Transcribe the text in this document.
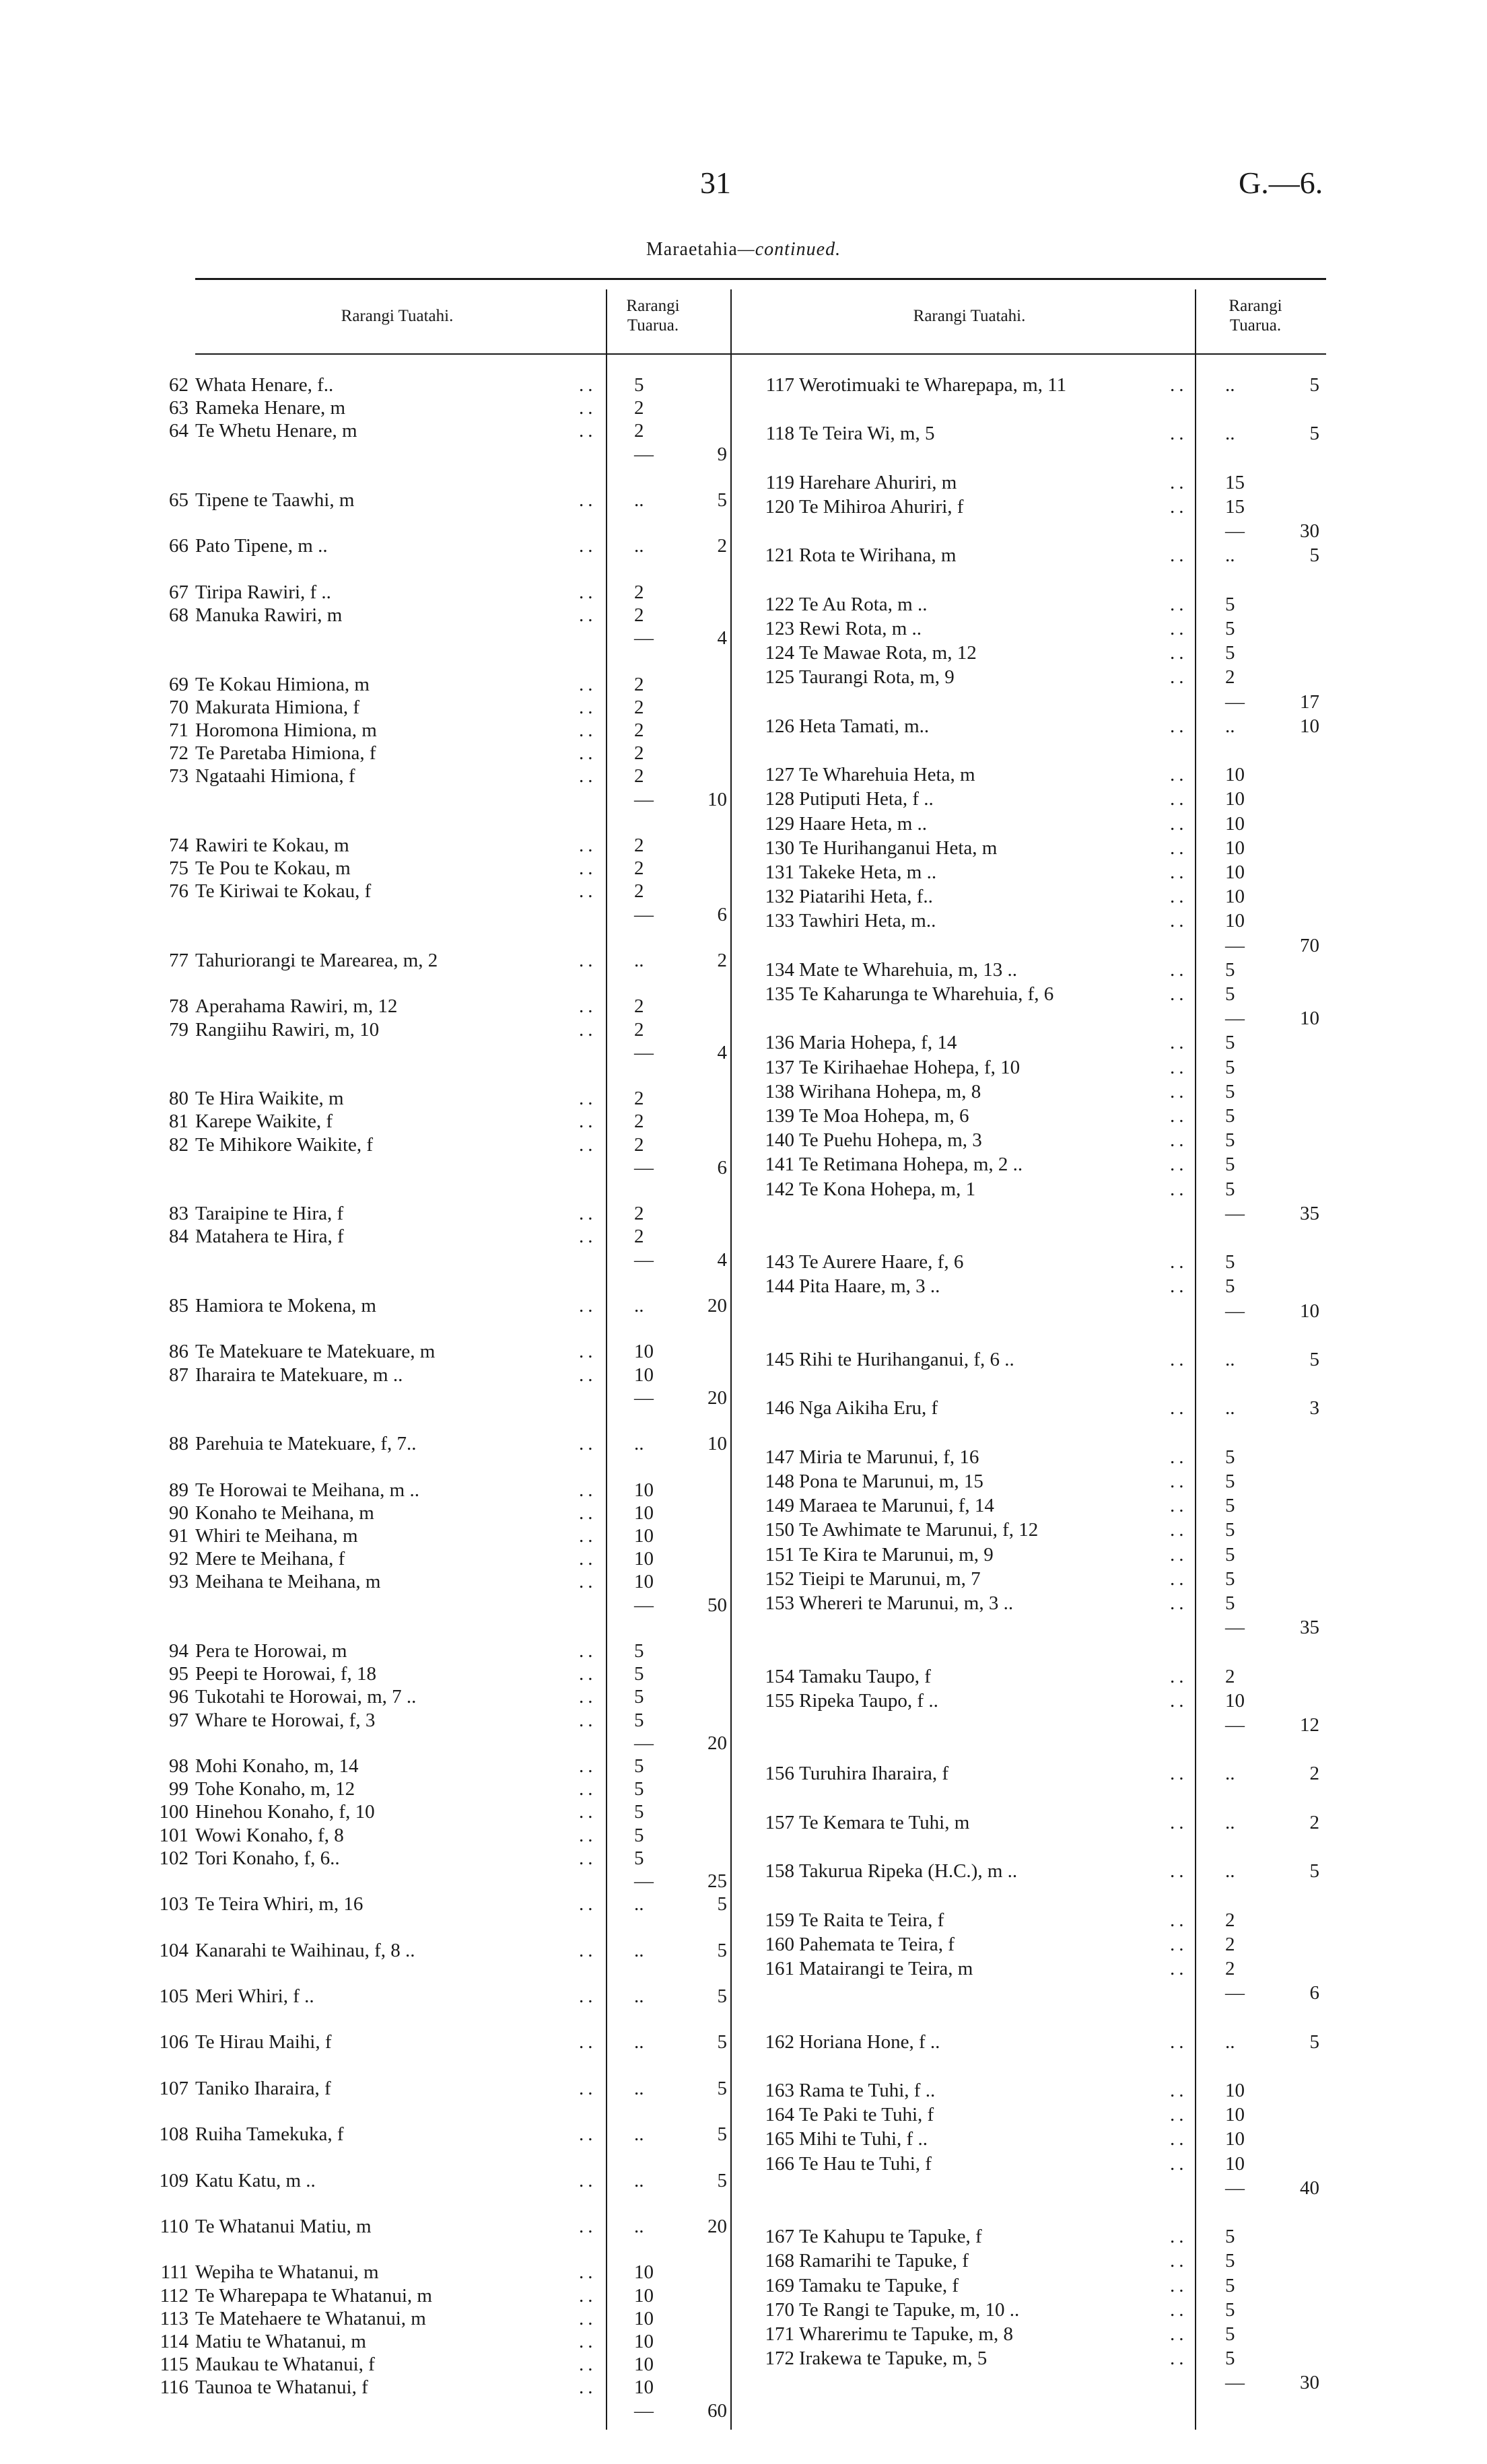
31	G.—6.
Maraetahia—continued.
Rarangi Tuatahi.
Rarangi
Tuarua.
Rarangi Tuatahi.
Rarangi
Tuarua.
62 Whata Henare, f..	.. 5
63 Rameka Henare, m	.. 2
64 Te Whetu Henare, m	.. 2
—	9
65 Tipene te Taawhi, m	.. ..	5
66 Pato Tipene, m ..	.. ..	2
67 Tiripa Rawiri, f ..	.. 2
68 Manuka Rawiri, m	.. 2
—	4
69 Te Kokau Himiona, m	.. 2
70 Makurata Himiona, f	.. 2
71 Horomona Himiona, m	.. 2
72 Te Paretaba Himiona, f	.. 2
73 Ngataahi Himiona, f	.. 2
—	10
74 Rawiri te Kokau, m	.. 2
75 Te Pou te Kokau, m	.. 2
76 Te Kiriwai te Kokau, f	.. 2
—	6
77 Tahuriorangi te Marearea, m, 2	.. ..	2
78 Aperahama Rawiri, m, 12	.. 2
79 Rangiihu Rawiri, m, 10	.. 2
—	4
80 Te Hira Waikite, m	.. 2
81 Karepe Waikite, f	.. 2
82 Te Mihikore Waikite, f	.. 2
—	6
83 Taraipine te Hira, f	.. 2
84 Matahera te Hira, f	.. 2
—	4
85 Hamiora te Mokena, m	.. ..	20
86 Te Matekuare te Matekuare, m	.. 10
87 Iharaira te Matekuare, m ..	.. 10
—	20
88 Parehuia te Matekuare, f, 7..	.. ..	10
89 Te Horowai te Meihana, m ..	.. 10
90 Konaho te Meihana, m	.. 10
91 Whiri te Meihana, m	.. 10
92 Mere te Meihana, f	.. 10
93 Meihana te Meihana, m	.. 10
—	50
94 Pera te Horowai, m	.. 5
95 Peepi te Horowai, f, 18	.. 5
96 Tukotahi te Horowai, m, 7 ..	.. 5
97 Whare te Horowai, f, 3	.. 5
—	20
98 Mohi Konaho, m, 14	.. 5
99 Tohe Konaho, m, 12	.. 5
100 Hinehou Konaho, f, 10	.. 5
101 Wowi Konaho, f, 8	.. 5
102 Tori Konaho, f, 6..	.. 5
—	25
103 Te Teira Whiri, m, 16	.. ..	5
104 Kanarahi te Waihinau, f, 8 ..	.. ..	5
105 Meri Whiri, f ..	.. ..	5
106 Te Hirau Maihi, f	.. ..	5
107 Taniko Iharaira, f	.. ..	5
108 Ruiha Tamekuka, f	.. ..	5
109 Katu Katu, m ..	.. ..	5
110 Te Whatanui Matiu, m	.. ..	20
111 Wepiha te Whatanui, m	.. 10
112 Te Wharepapa te Whatanui, m	.. 10
113 Te Matehaere te Whatanui, m	.. 10
114 Matiu te Whatanui, m	.. 10
115 Maukau te Whatanui, f	.. 10
116 Taunoa te Whatanui, f	.. 10
—	60
117 Werotimuaki te Wharepapa, m, 11	.. ..	5
118 Te Teira Wi, m, 5	.. ..	5
119 Harehare Ahuriri, m	.. 15
120 Te Mihiroa Ahuriri, f	.. 15
—	30
121 Rota te Wirihana, m	.. ..	5
122 Te Au Rota, m ..	.. 5
123 Rewi Rota, m ..	.. 5
124 Te Mawae Rota, m, 12	.. 5
125 Taurangi Rota, m, 9	.. 2
—	17
126 Heta Tamati, m..	.. ..	10
127 Te Wharehuia Heta, m	.. 10
128 Putiputi Heta, f ..	.. 10
129 Haare Heta, m ..	.. 10
130 Te Hurihanganui Heta, m	.. 10
131 Takeke Heta, m ..	.. 10
132 Piatarihi Heta, f..	.. 10
133 Tawhiri Heta, m..	.. 10
—	70
134 Mate te Wharehuia, m, 13 ..	.. 5
135 Te Kaharunga te Wharehuia, f, 6	.. 5
—	10
136 Maria Hohepa, f, 14	.. 5
137 Te Kirihaehae Hohepa, f, 10	.. 5
138 Wirihana Hohepa, m, 8	.. 5
139 Te Moa Hohepa, m, 6	.. 5
140 Te Puehu Hohepa, m, 3	.. 5
141 Te Retimana Hohepa, m, 2 ..	.. 5
142 Te Kona Hohepa, m, 1	.. 5
—	35
143 Te Aurere Haare, f, 6	.. 5
144 Pita Haare, m, 3 ..	.. 5
—	10
145 Rihi te Hurihanganui, f, 6 ..	.. ..	5
146 Nga Aikiha Eru, f	.. ..	3
147 Miria te Marunui, f, 16	.. 5
148 Pona te Marunui, m, 15	.. 5
149 Maraea te Marunui, f, 14	.. 5
150 Te Awhimate te Marunui, f, 12	.. 5
151 Te Kira te Marunui, m, 9	.. 5
152 Tieipi te Marunui, m, 7	.. 5
153 Whereri te Marunui, m, 3 ..	.. 5
—	35
154 Tamaku Taupo, f	.. 2
155 Ripeka Taupo, f ..	.. 10
—	12
156 Turuhira Iharaira, f	.. ..	2
157 Te Kemara te Tuhi, m	.. ..	2
158 Takurua Ripeka (H.C.), m ..	.. ..	5
159 Te Raita te Teira, f	.. 2
160 Pahemata te Teira, f	.. 2
161 Matairangi te Teira, m	.. 2
—	6
162 Horiana Hone, f ..	.. ..	5
163 Rama te Tuhi, f ..	.. 10
164 Te Paki te Tuhi, f	.. 10
165 Mihi te Tuhi, f ..	.. 10
166 Te Hau te Tuhi, f	.. 10
—	40
167 Te Kahupu te Tapuke, f	.. 5
168 Ramarihi te Tapuke, f	.. 5
169 Tamaku te Tapuke, f	.. 5
170 Te Rangi te Tapuke, m, 10 ..	.. 5
171 Wharerimu te Tapuke, m, 8	.. 5
172 Irakewa te Tapuke, m, 5	.. 5
—	30
